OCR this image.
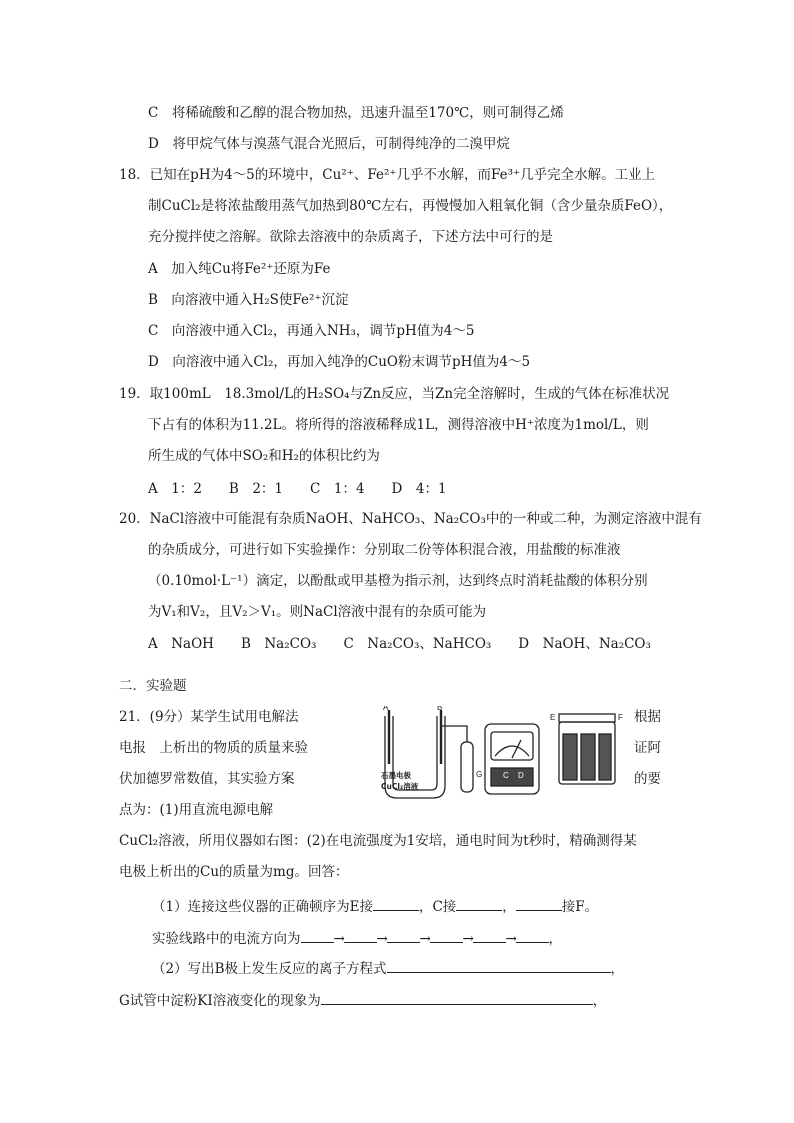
C　将稀硫酸和乙醇的混合物加热，迅速升温至170℃，则可制得乙烯
D　将甲烷气体与溴蒸气混合光照后，可制得纯净的二溴甲烷
18．已知在pH为4～5的环境中，Cu²⁺、Fe²⁺几乎不水解，而Fe³⁺几乎完全水解。工业上
制CuCl₂是将浓盐酸用蒸气加热到80℃左右，再慢慢加入粗氧化铜（含少量杂质FeO），
充分搅拌使之溶解。欲除去溶液中的杂质离子，下述方法中可行的是
A　加入纯Cu将Fe²⁺还原为Fe
B　向溶液中通入H₂S使Fe²⁺沉淀
C　向溶液中通入Cl₂，再通入NH₃，调节pH值为4～5
D　向溶液中通入Cl₂，再加入纯净的CuO粉末调节pH值为4～5
19．取100mL　18.3mol/L的H₂SO₄与Zn反应，当Zn完全溶解时，生成的气体在标准状况
下占有的体积为11.2L。将所得的溶液稀释成1L，测得溶液中H⁺浓度为1mol/L，则
所生成的气体中SO₂和H₂的体积比约为
A　1：2　　B　2：1　　C　1：4　　D　4：1
20．NaCl溶液中可能混有杂质NaOH、NaHCO₃、Na₂CO₃中的一种或二种，为测定溶液中混有
的杂质成分，可进行如下实验操作：分别取二份等体积混合液，用盐酸的标准液
（0.10mol·L⁻¹）滴定，以酚酞或甲基橙为指示剂，达到终点时消耗盐酸的体积分别
为V₁和V₂，且V₂＞V₁。则NaCl溶液中混有的杂质可能为
A　NaOH　　B　Na₂CO₃　　C　Na₂CO₃、NaHCO₃　　D　NaOH、Na₂CO₃
二．实验题
21．(9分）某学生试用电解法	根据
电报　上析出的物质的质量来验	证阿
伏加德罗常数值，其实验方案	的要
点为：(1)用直流电源电解
CuCl₂溶液，所用仪器如右图：(2)在电流强度为1安培，通电时间为t秒时，精确测得某
电极上析出的Cu的质量为mg。回答：
A	B
石墨电极
CuCl₂溶液
G	C D
E	F
（1）连接这些仪器的正确顿序为E接	，C接	，	接F。
实验线路中的电流方向为 → → → → → ，
（2）写出B极上发生反应的离子方程式	，
G试管中淀粉KI溶液变化的现象为	，
